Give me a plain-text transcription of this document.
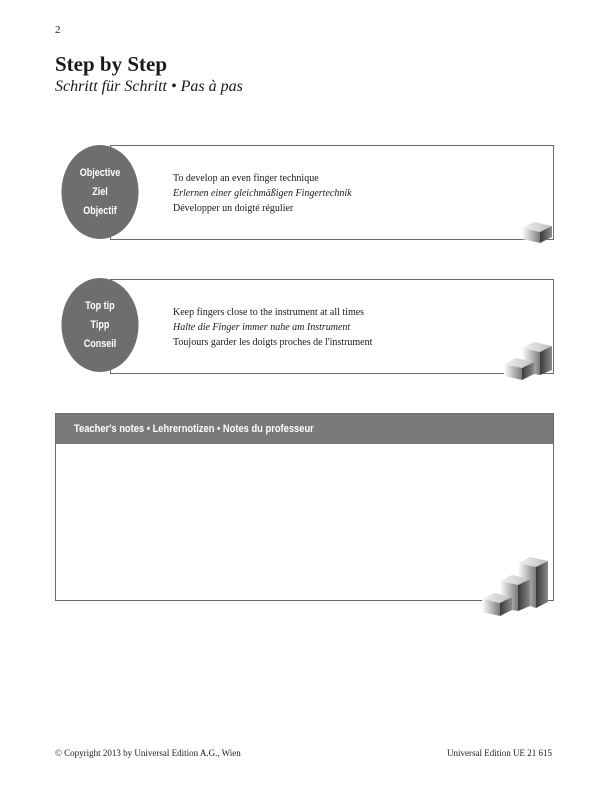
2
Step by Step
Schritt für Schritt • Pas à pas
To develop an even finger technique
Erlernen einer gleichmäßigen Fingertechnik
Développer un doigté régulier
Objective
Ziel
Objectif
Keep fingers close to the instrument at all times
Halte die Finger immer nahe am Instrument
Toujours garder les doigts proches de l'instrument
Top tip
Tipp
Conseil
Teacher's notes • Lehrernotizen • Notes du professeur
© Copyright 2013 by Universal Edition A.G., Wien	Universal Edition UE 21 615
